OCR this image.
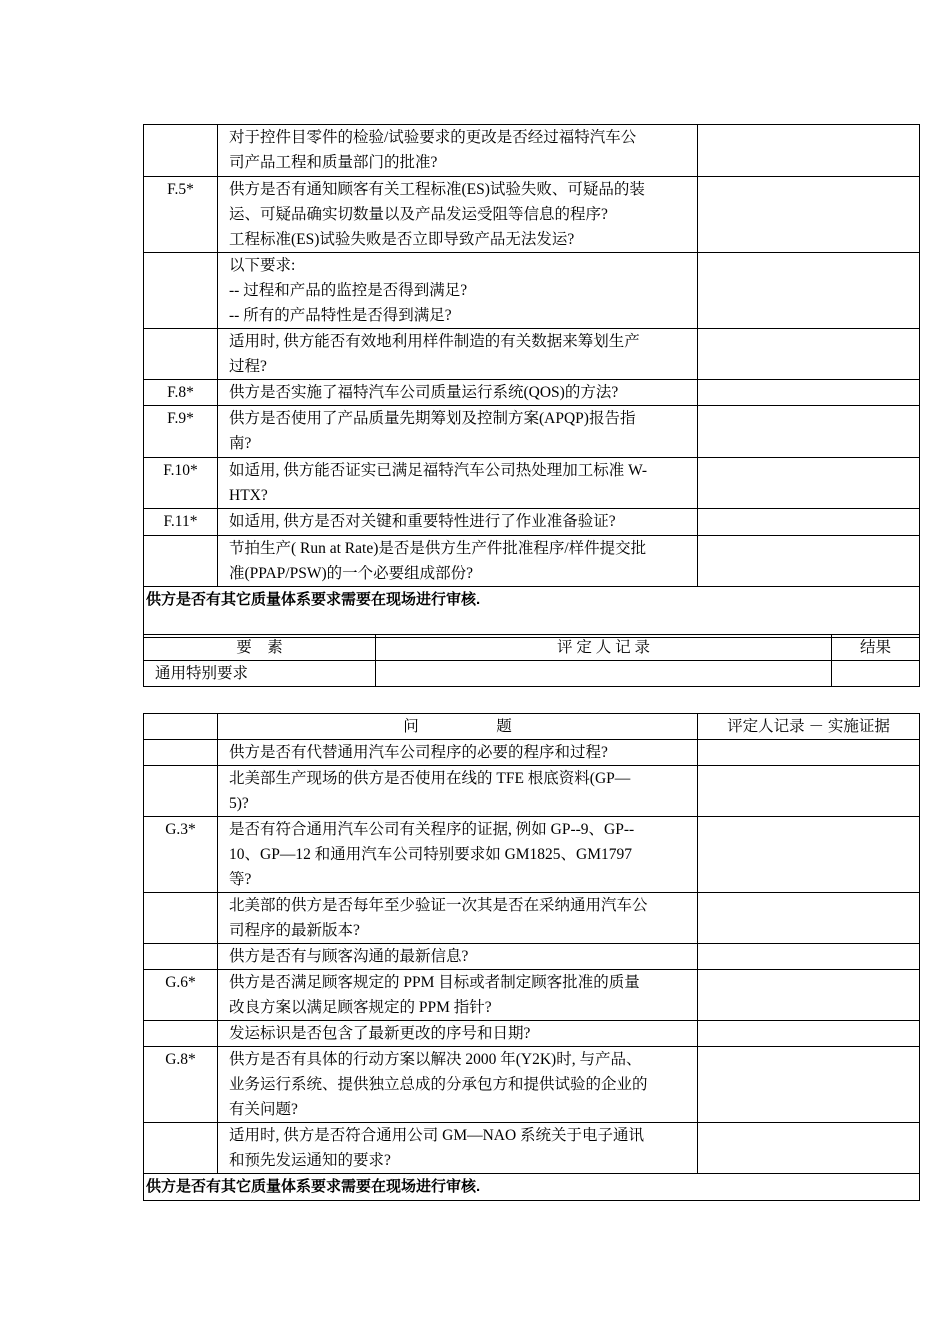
	对于控件目零件的检验/试验要求的更改是否经过福特汽车公
司产品工程和质量部门的批准?	

F.5*	供方是否有通知顾客有关工程标准(ES)试验失败、可疑品的装
运、可疑品确实切数量以及产品发运受阻等信息的程序?
工程标准(ES)试验失败是否立即导致产品无法发运?	

	以下要求:
-- 过程和产品的监控是否得到满足?
-- 所有的产品特性是否得到满足?	

	适用时, 供方能否有效地利用样件制造的有关数据来筹划生产
过程?	

F.8*	供方是否实施了福特汽车公司质量运行系统(QOS)的方法?	

F.9*	供方是否使用了产品质量先期筹划及控制方案(APQP)报告指
南?	

F.10*	如适用, 供方能否证实已满足福特汽车公司热处理加工标准 W-
HTX?	

F.11*	如适用, 供方是否对关键和重要特性进行了作业准备验证?	

	节拍生产( Run at Rate)是否是供方生产件批准程序/样件提交批
准(PPAP/PSW)的一个必要组成部份?	

供方是否有其它质量体系要求需要在现场进行审核.		
要　素	评 定 人 记 录	结果
通用特别要求		
	问　　　　　题	评定人记录 － 实施证据

	供方是否有代替通用汽车公司程序的必要的程序和过程?	

	北美部生产现场的供方是否使用在线的 TFE 根底资料(GP—
5)?	

G.3*	是否有符合通用汽车公司有关程序的证据, 例如 GP--9、GP--
10、GP—12 和通用汽车公司特别要求如 GM1825、GM1797
等?	

	北美部的供方是否每年至少验证一次其是否在采纳通用汽车公
司程序的最新版本?	

	供方是否有与顾客沟通的最新信息?	

G.6*	供方是否满足顾客规定的 PPM 目标或者制定顾客批准的质量
改良方案以满足顾客规定的 PPM 指针?	

	发运标识是否包含了最新更改的序号和日期?	

G.8*	供方是否有具体的行动方案以解决 2000 年(Y2K)时, 与产品、
业务运行系统、提供独立总成的分承包方和提供试验的企业的
有关问题?	

	适用时, 供方是否符合通用公司 GM—NAO 系统关于电子通讯
和预先发运通知的要求?	

供方是否有其它质量体系要求需要在现场进行审核.		
